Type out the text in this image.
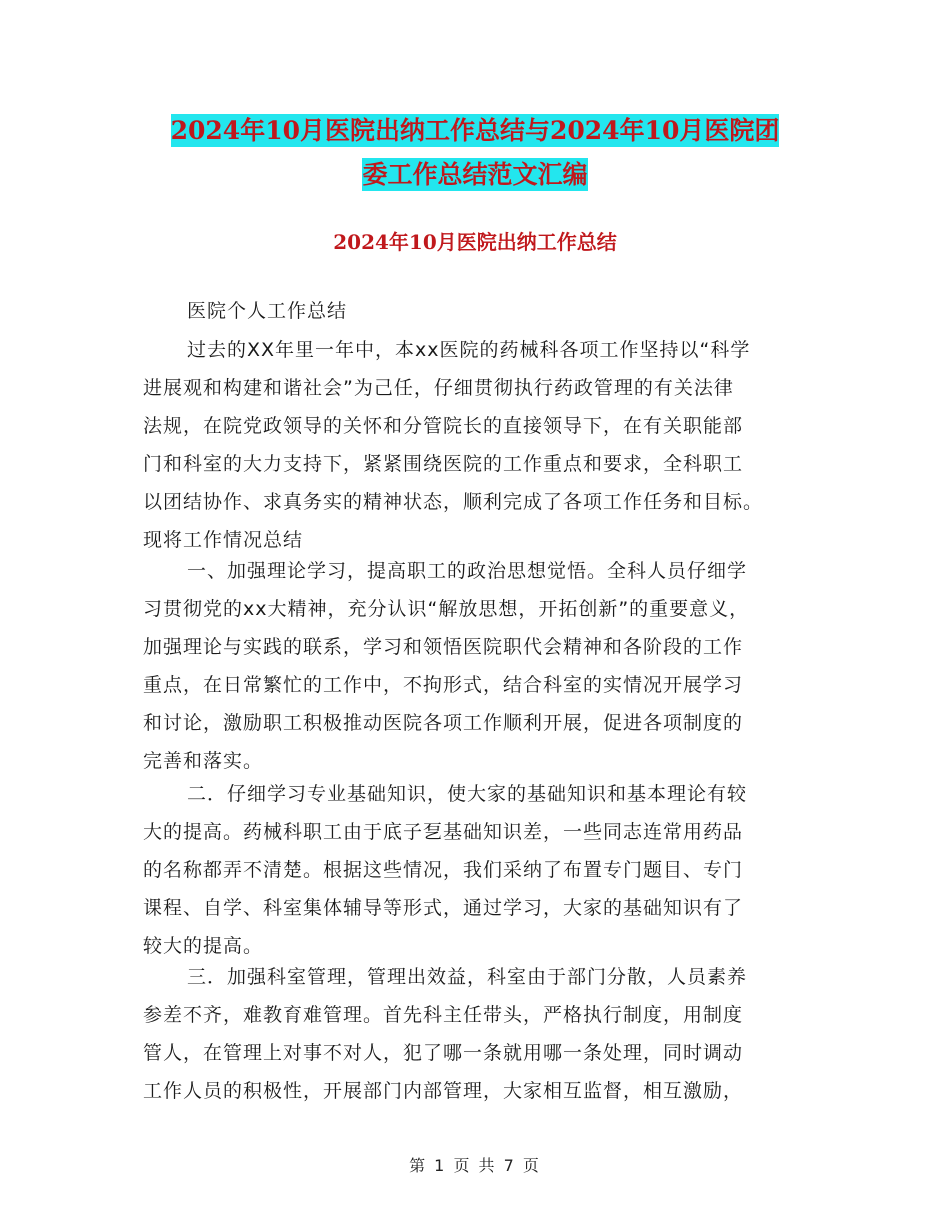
2024年10月医院出纳工作总结与2024年10月医院团
委工作总结范文汇编
2024年10月医院出纳工作总结
医院个人工作总结
过去的XX年里一年中，本xx医院的药械科各项工作坚持以“科学
进展观和构建和谐社会”为己任，仔细贯彻执行药政管理的有关法律
法规，在院党政领导的关怀和分管院长的直接领导下，在有关职能部
门和科室的大力支持下，紧紧围绕医院的工作重点和要求，全科职工
以团结协作、求真务实的精神状态，顺利完成了各项工作任务和目标。
现将工作情况总结
一、加强理论学习，提高职工的政治思想觉悟。全科人员仔细学
习贯彻党的xx大精神，充分认识“解放思想，开拓创新”的重要意义，
加强理论与实践的联系，学习和领悟医院职代会精神和各阶段的工作
重点，在日常繁忙的工作中，不拘形式，结合科室的实情况开展学习
和讨论，激励职工积极推动医院各项工作顺利开展，促进各项制度的
完善和落实。
二．仔细学习专业基础知识，使大家的基础知识和基本理论有较
大的提高。药械科职工由于底子乭基础知识差，一些同志连常用药品
的名称都弄不清楚。根据这些情况，我们采纳了布置专门题目、专门
课程、自学、科室集体辅导等形式，通过学习，大家的基础知识有了
较大的提高。
三．加强科室管理，管理出效益，科室由于部门分散，人员素养
参差不齐，难教育难管理。首先科主任带头，严格执行制度，用制度
管人，在管理上对事不对人，犯了哪一条就用哪一条处理，同时调动
工作人员的积极性，开展部门内部管理，大家相互监督，相互激励，
第 1 页 共 7 页
